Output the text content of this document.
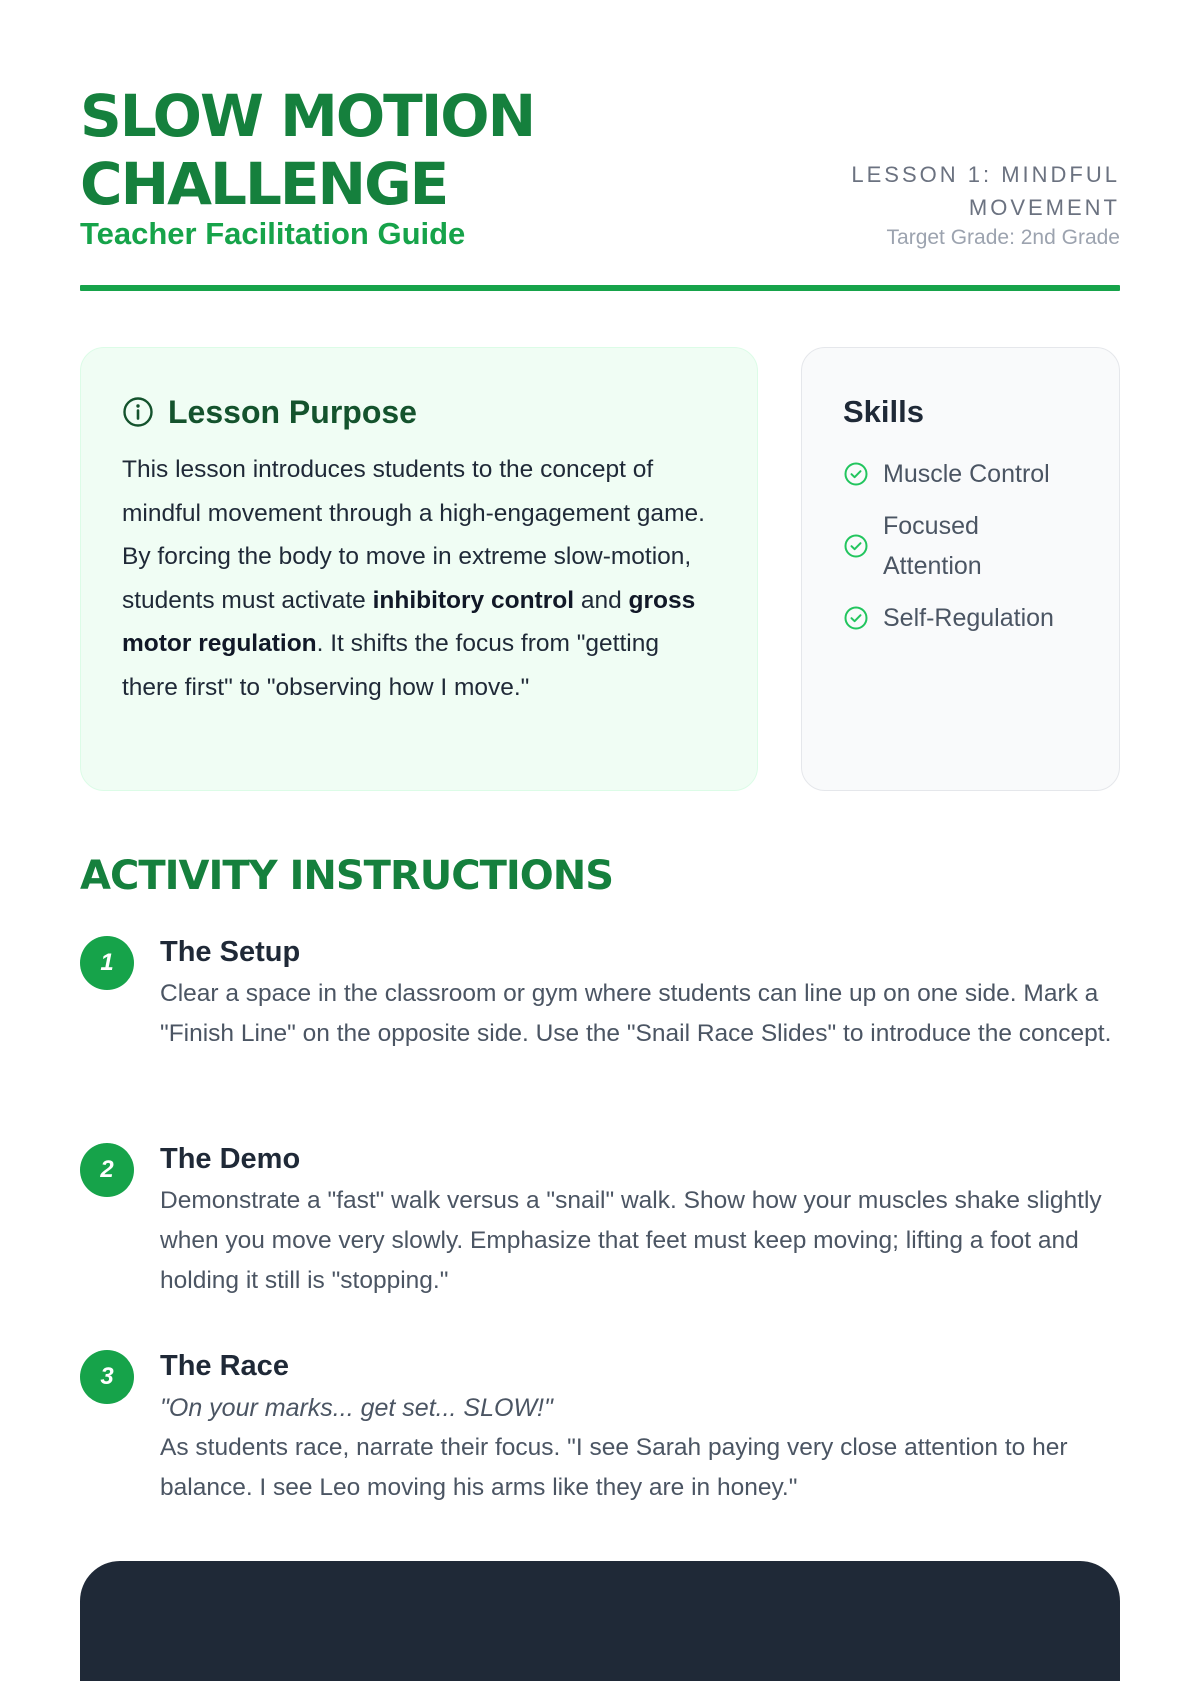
SLOW MOTION
CHALLENGE
Teacher Facilitation Guide
LESSON 1: MINDFUL
MOVEMENT
Target Grade: 2nd Grade
Lesson Purpose

This lesson introduces students to the concept of mindful movement through a high-engagement game. By forcing the body to move in extreme slow-motion, students must activate inhibitory control and gross motor regulation. It shifts the focus from "getting there first" to "observing how I move."

Skills
Muscle Control
Focused Attention
Self-Regulation
ACTIVITY INSTRUCTIONS
1	The Setup

Clear a space in the classroom or gym where students can line up on one side. Mark a "Finish Line" on the opposite side. Use the "Snail Race Slides" to introduce the concept.

2	The Demo

Demonstrate a "fast" walk versus a "snail" walk. Show how your muscles shake slightly when you move very slowly. Emphasize that feet must keep moving; lifting a foot and holding it still is "stopping."

3	The Race
"On your marks... get set... SLOW!"

As students race, narrate their focus. "I see Sarah paying very close attention to her balance. I see Leo moving his arms like they are in honey."
